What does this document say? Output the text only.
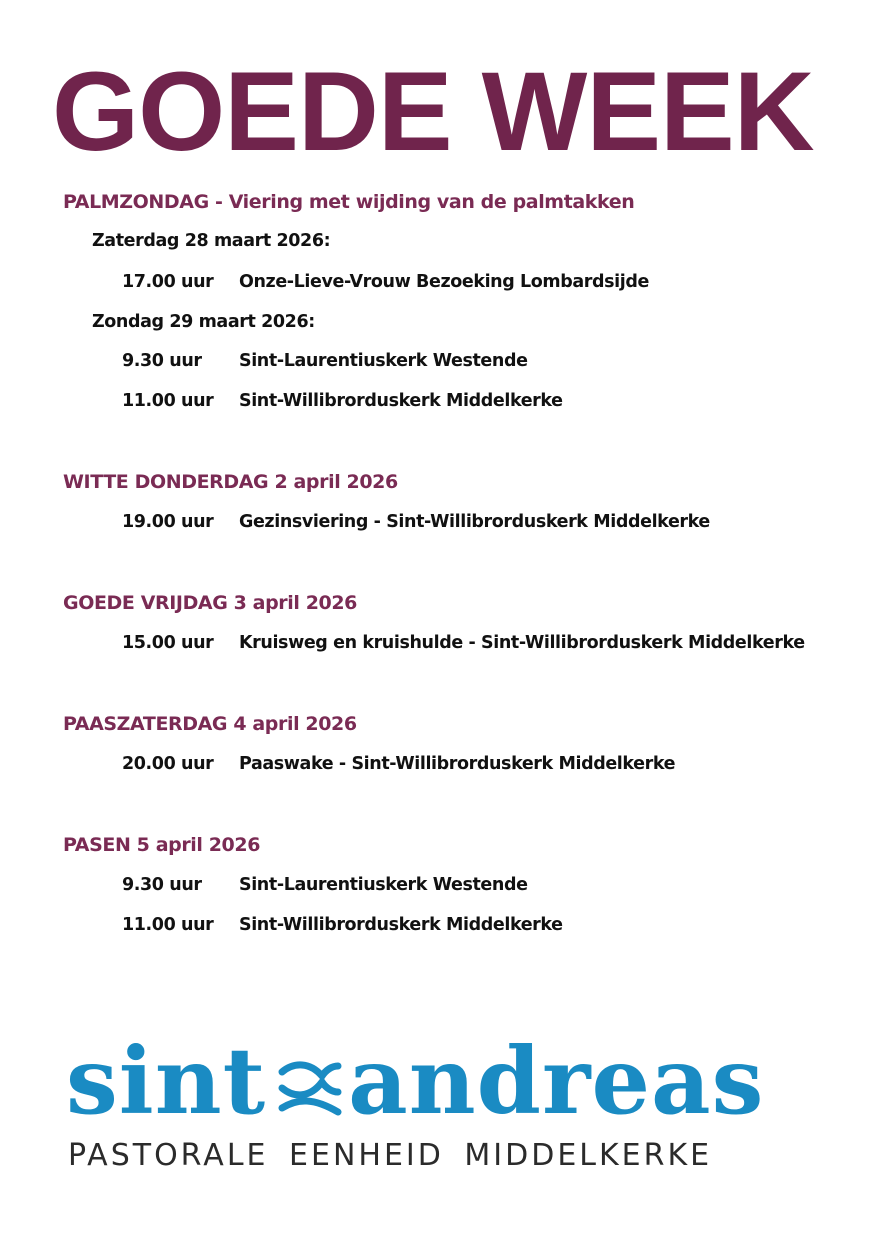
GOEDE WEEK
PALMZONDAG - Viering met wijding van de palmtakken
Zaterdag 28 maart 2026:
17.00 uur Onze-Lieve-Vrouw Bezoeking Lombardsijde
Zondag 29 maart 2026:
9.30 uur Sint-Laurentiuskerk Westende
11.00 uur Sint-Willibrorduskerk Middelkerke
WITTE DONDERDAG 2 april 2026
19.00 uur Gezinsviering - Sint-Willibrorduskerk Middelkerke
GOEDE VRIJDAG 3 april 2026
15.00 uur Kruisweg en kruishulde - Sint-Willibrorduskerk Middelkerke
PAASZATERDAG 4 april 2026
20.00 uur Paaswake - Sint-Willibrorduskerk Middelkerke
PASEN 5 april 2026
9.30 uur Sint-Laurentiuskerk Westende
11.00 uur Sint-Willibrorduskerk Middelkerke
sint andreas
PASTORALE EENHEID MIDDELKERKE
